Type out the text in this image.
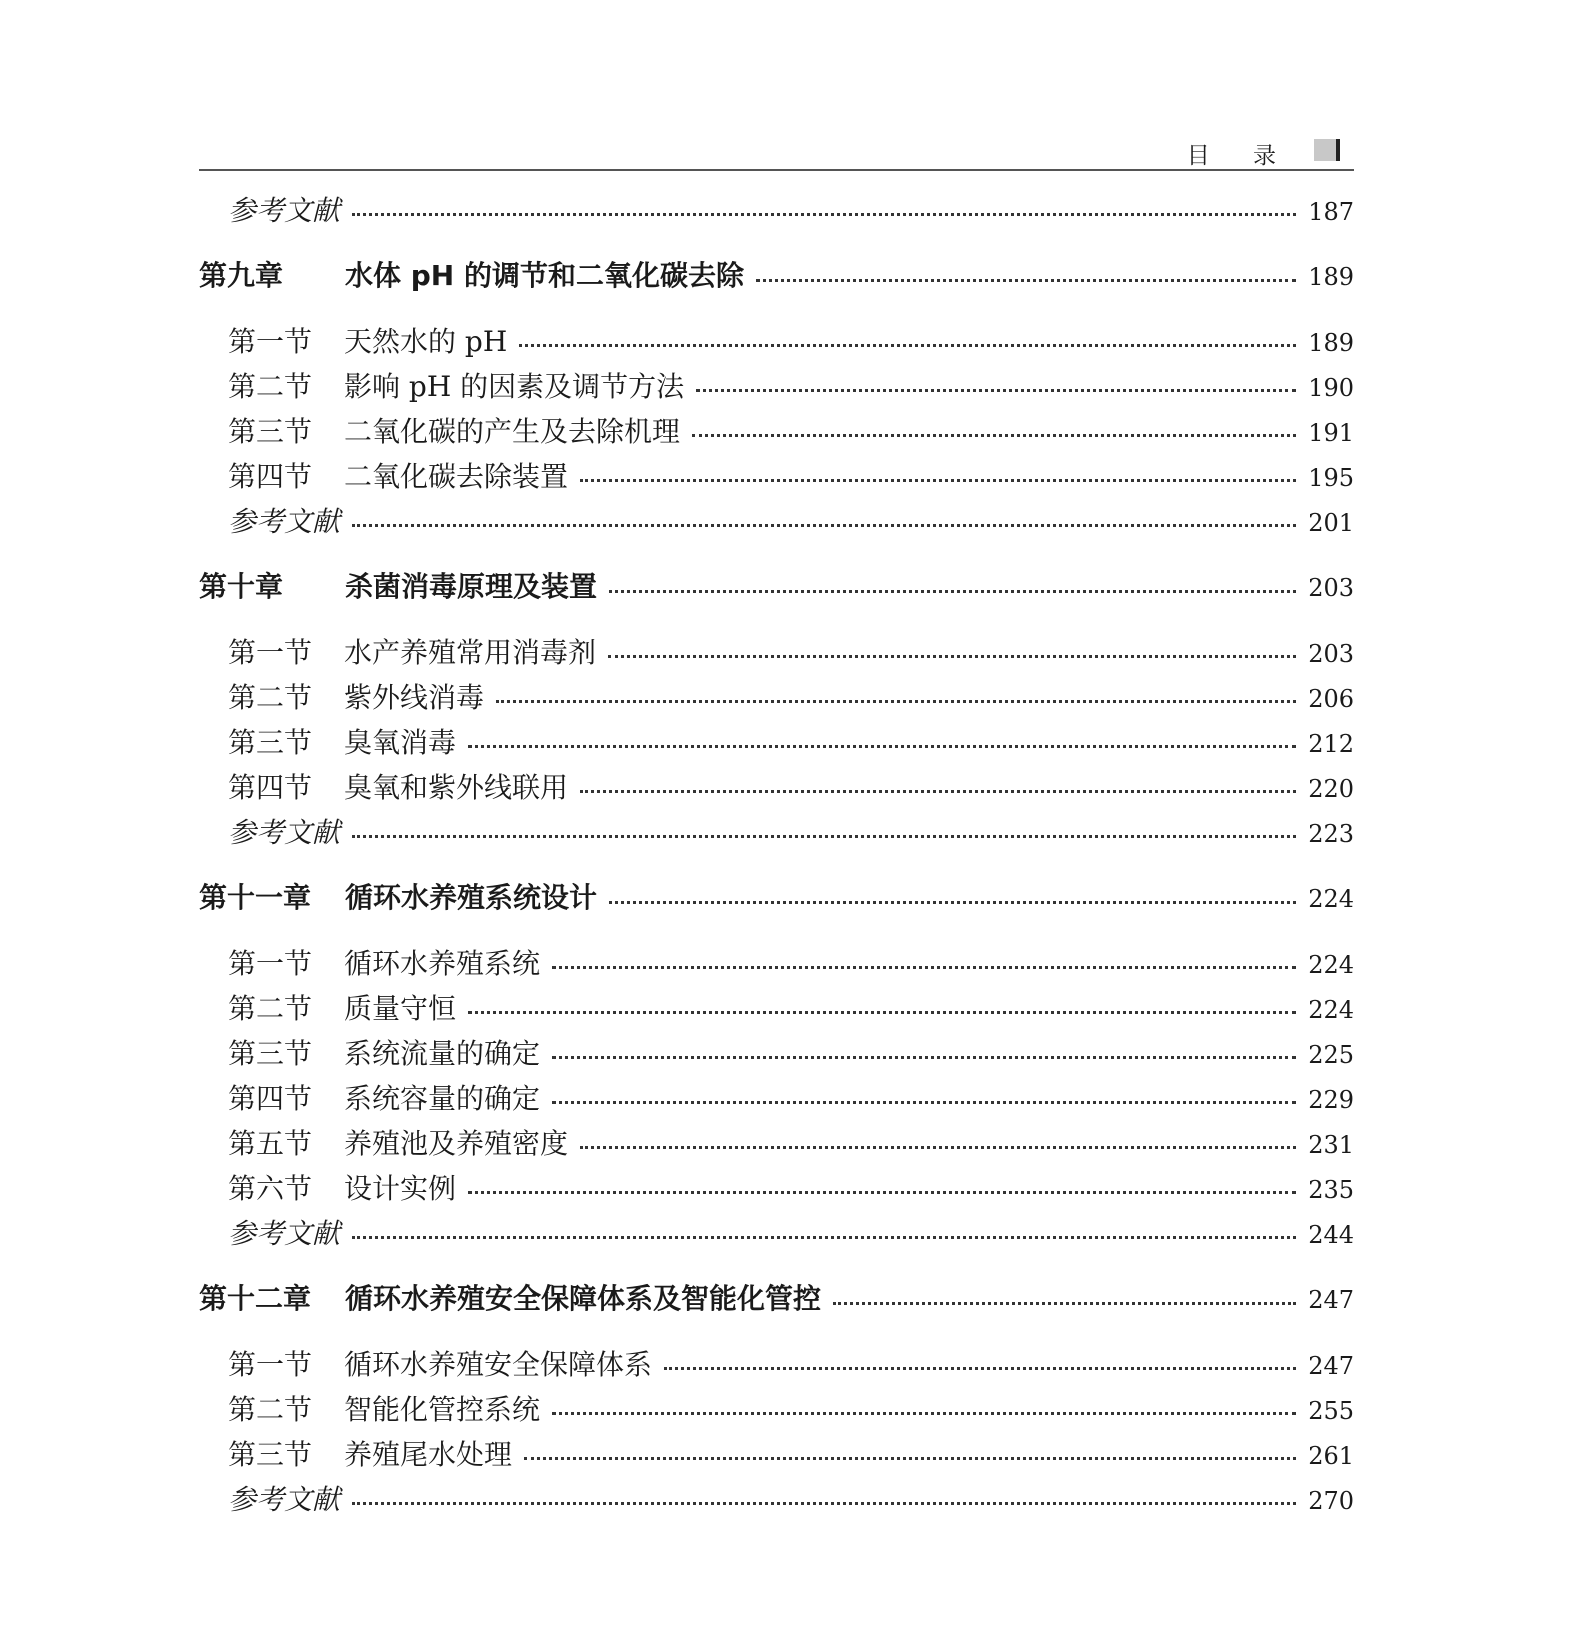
目 录
参考文献	187
第九章 水体 pH 的调节和二氧化碳去除	189
第一节 天然水的 pH	189
第二节 影响 pH 的因素及调节方法	190
第三节 二氧化碳的产生及去除机理	191
第四节 二氧化碳去除装置	195
参考文献	201
第十章 杀菌消毒原理及装置	203
第一节 水产养殖常用消毒剂	203
第二节 紫外线消毒	206
第三节 臭氧消毒	212
第四节 臭氧和紫外线联用	220
参考文献	223
第十一章 循环水养殖系统设计	224
第一节 循环水养殖系统	224
第二节 质量守恒	224
第三节 系统流量的确定	225
第四节 系统容量的确定	229
第五节 养殖池及养殖密度	231
第六节 设计实例	235
参考文献	244
第十二章 循环水养殖安全保障体系及智能化管控	247
第一节 循环水养殖安全保障体系	247
第二节 智能化管控系统	255
第三节 养殖尾水处理	261
参考文献	270
